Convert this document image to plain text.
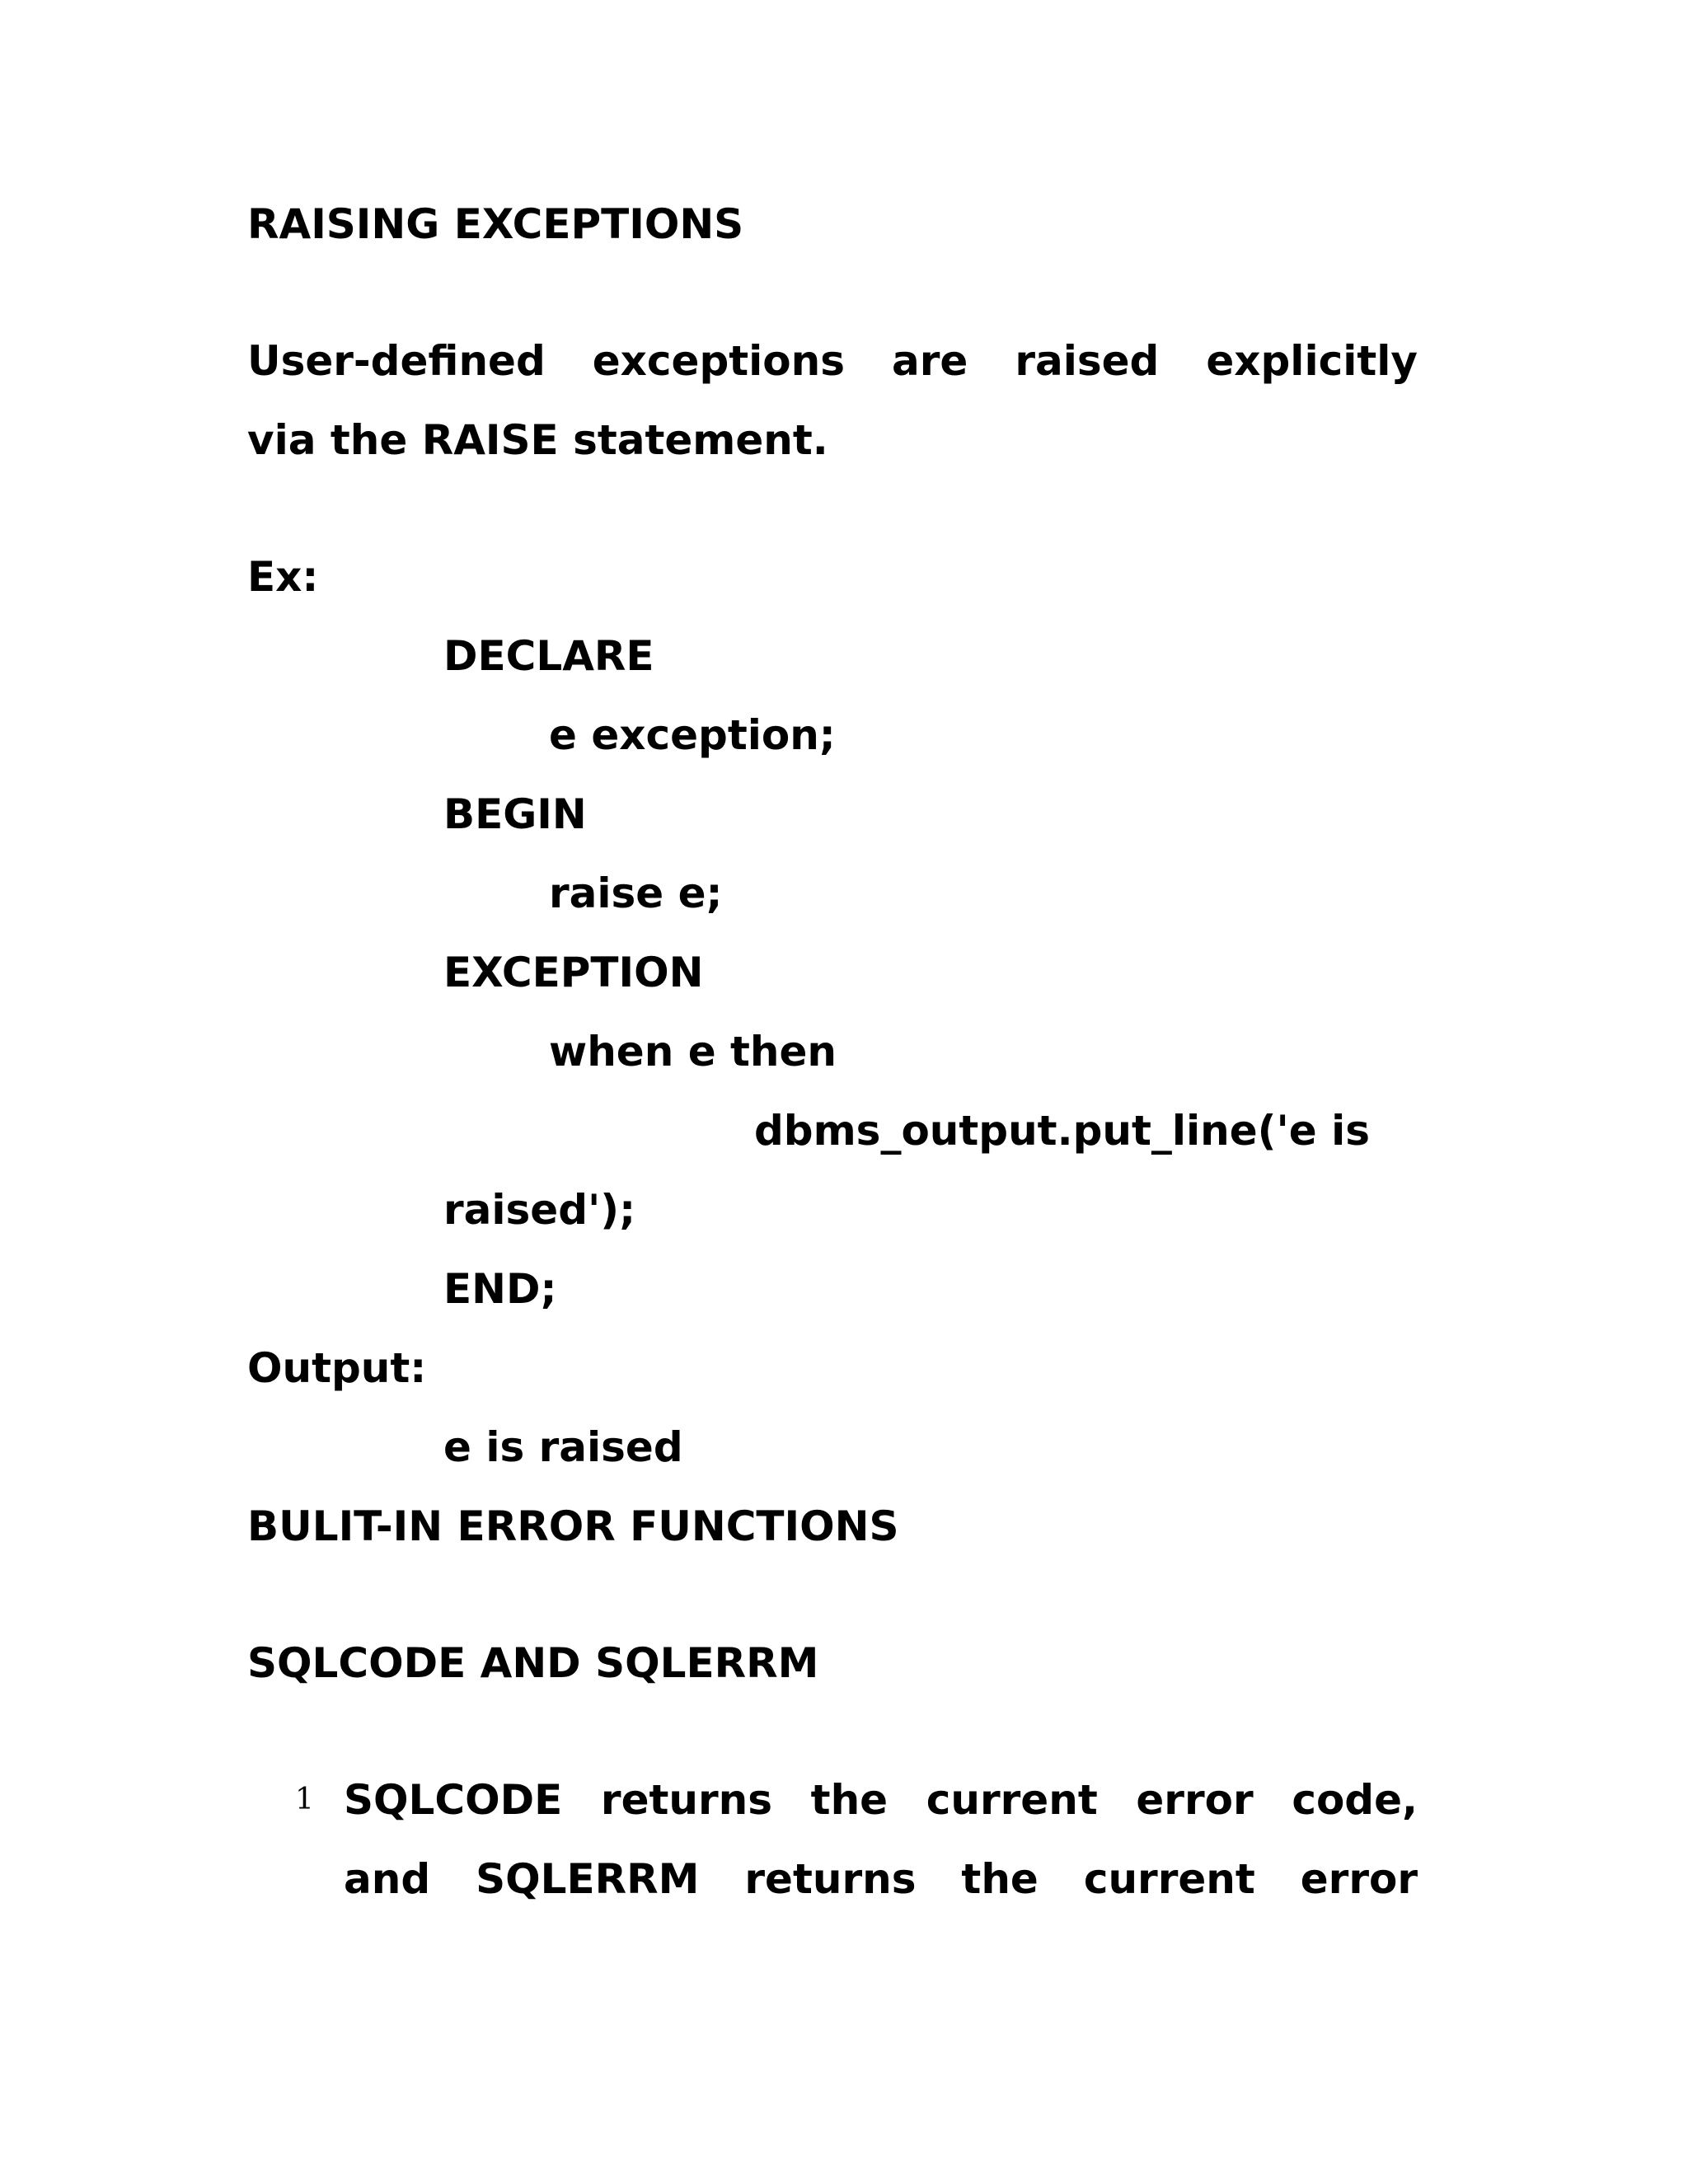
RAISING EXCEPTIONS
User-defined exceptions are raised explicitly
via the RAISE statement.
Ex:
DECLARE
e exception;
BEGIN
raise e;
EXCEPTION
when e then
dbms_output.put_line('e is
raised');
END;
Output:
e is raised
BULIT-IN ERROR FUNCTIONS
SQLCODE AND SQLERRM
1 SQLCODE returns the current error code,
and SQLERRM returns the current error
